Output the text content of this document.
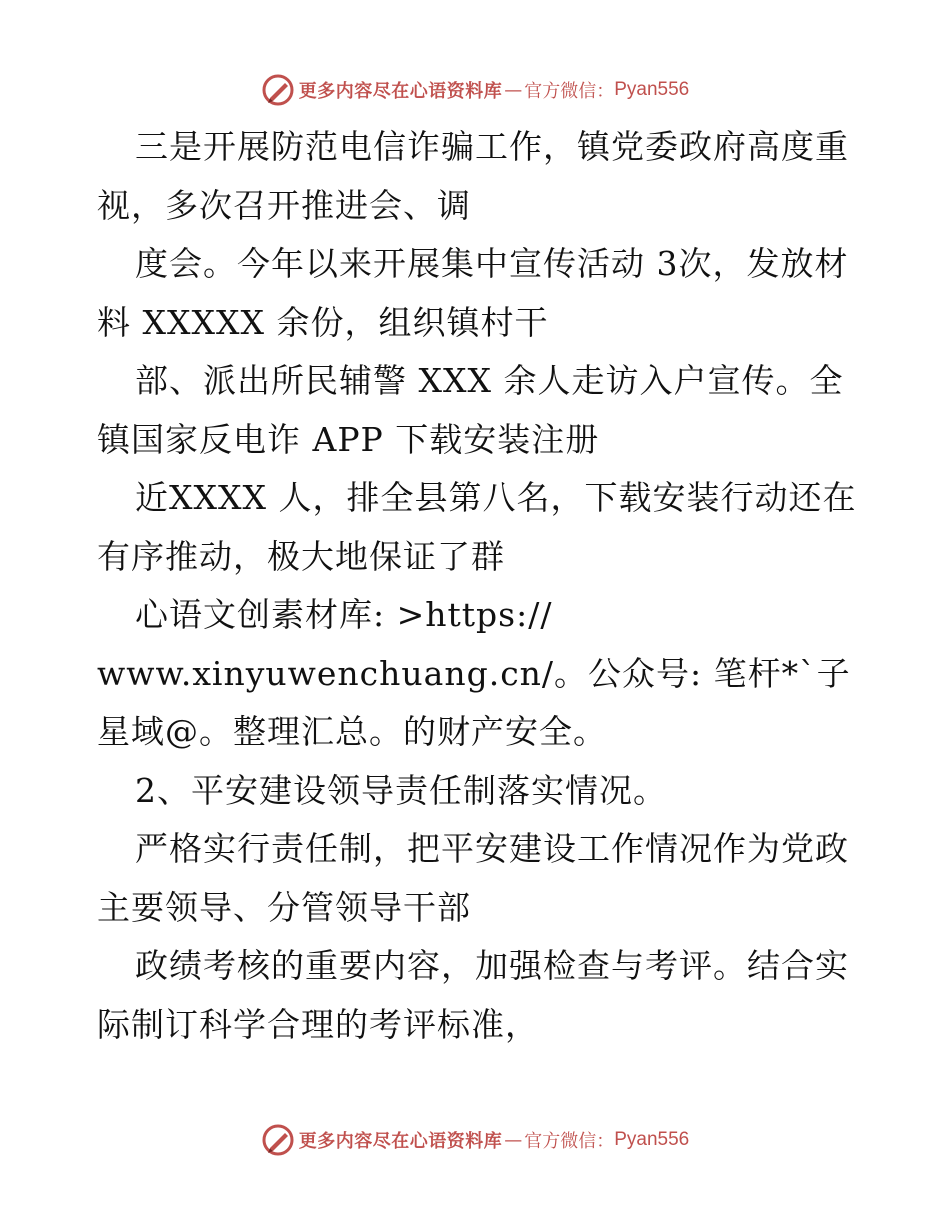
更多内容尽在心语资料库 — 官方微信： Pyan556

三是开展防范电信诈骗工作，镇党委政府高度重视，多次召开推进会、调

度会。今年以来开展集中宣传活动 3次，发放材料 XXXXX 余份，组织镇村干

部、派出所民辅警 XXX 余人走访入户宣传。全镇国家反电诈 APP 下载安装注册

近XXXX 人，排全县第八名，下载安装行动还在有序推动，极大地保证了群

心语文创素材库: >https://

www.xinyuwenchuang.cn/。公众号: 笔杆*`子星域@。整理汇总。的财产安全。

2、平安建设领导责任制落实情况。

严格实行责任制，把平安建设工作情况作为党政主要领导、分管领导干部

政绩考核的重要内容，加强检查与考评。结合实际制订科学合理的考评标准，

更多内容尽在心语资料库 — 官方微信： Pyan556
